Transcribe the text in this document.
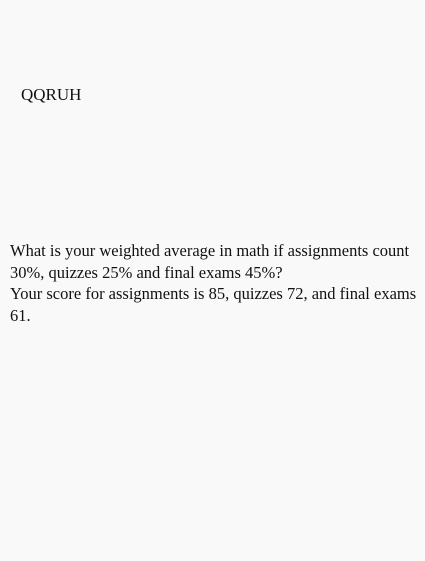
QQRUH

What is your weighted average in math if assignments count 30%, quizzes 25% and final exams 45%?

Your score for assignments is 85, quizzes 72, and final exams 61.
